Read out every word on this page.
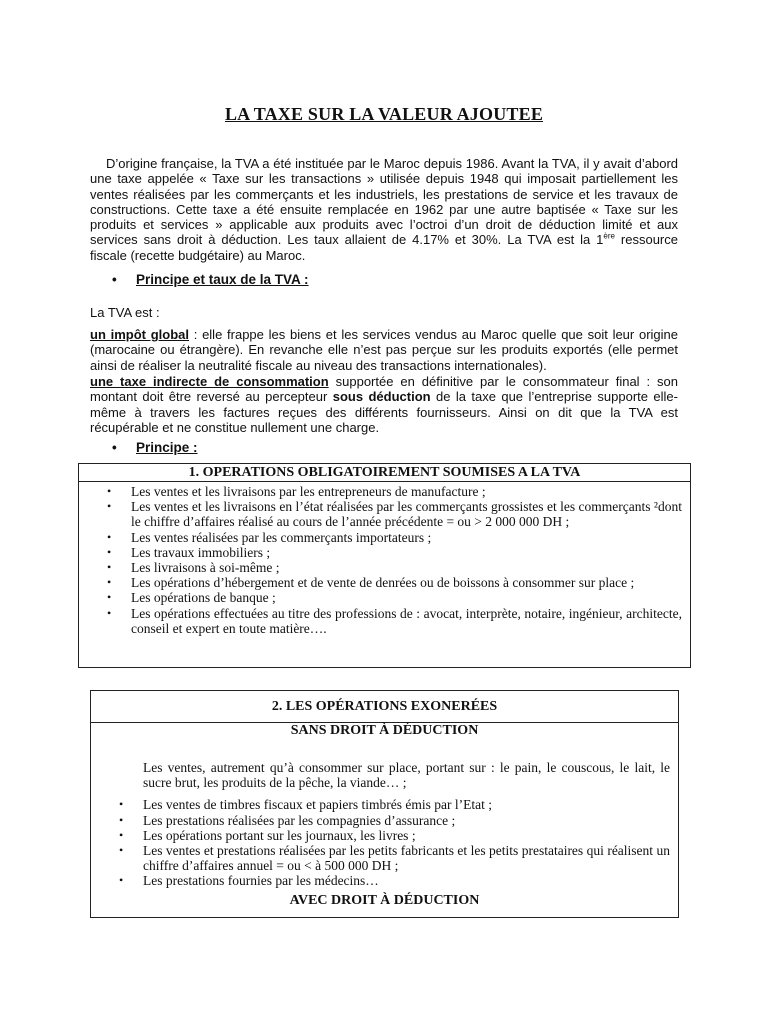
LA TAXE SUR LA VALEUR AJOUTEE

D’origine française, la TVA a été instituée par le Maroc depuis 1986. Avant la TVA, il y avait d’abord une taxe appelée « Taxe sur les transactions » utilisée depuis 1948 qui imposait partiellement les ventes réalisées par les commerçants et les industriels, les prestations de service et les travaux de constructions. Cette taxe a été ensuite remplacée en 1962 par une autre baptisée « Taxe sur les produits et services » applicable aux produits avec l’octroi d’un droit de déduction limité et aux services sans droit à déduction. Les taux allaient de 4.17% et 30%. La TVA est la 1ère ressource fiscale (recette budgétaire) au Maroc.

• Principe et taux de la TVA :

La TVA est :

un impôt global : elle frappe les biens et les services vendus au Maroc quelle que soit leur origine (marocaine ou étrangère). En revanche elle n’est pas perçue sur les produits exportés (elle permet ainsi de réaliser la neutralité fiscale au niveau des transactions internationales).

une taxe indirecte de consommation supportée en définitive par le consommateur final : son montant doit être reversé au percepteur sous déduction de la taxe que l’entreprise supporte elle-même à travers les factures reçues des différents fournisseurs. Ainsi on dit que la TVA est récupérable et ne constitue nullement une charge.

• Principe :
1. OPERATIONS OBLIGATOIREMENT SOUMISES A LA TVA
• Les ventes et les livraisons par les entrepreneurs de manufacture ;
• Les ventes et les livraisons en l’état réalisées par les commerçants grossistes et les commerçants ²dont le chiffre d’affaires réalisé au cours de l’année précédente = ou > 2 000 000 DH ;
• Les ventes réalisées par les commerçants importateurs ;
• Les travaux immobiliers ;
• Les livraisons à soi-même ;
• Les opérations d’hébergement et de vente de denrées ou de boissons à consommer sur place ;
• Les opérations de banque ;
• Les opérations effectuées au titre des professions de : avocat, interprète, notaire, ingénieur, architecte, conseil et expert en toute matière….
2. LES OPÉRATIONS EXONERÉES
SANS DROIT À DÉDUCTION
Les ventes, autrement qu’à consommer sur place, portant sur : le pain, le couscous, le lait, le sucre brut, les produits de la pêche, la viande… ;
• Les ventes de timbres fiscaux et papiers timbrés émis par l’Etat ;
• Les prestations réalisées par les compagnies d’assurance ;
• Les opérations portant sur les journaux, les livres ;
• Les ventes et prestations réalisées par les petits fabricants et les petits prestataires qui réalisent un chiffre d’affaires annuel = ou < à 500 000 DH ;
• Les prestations fournies par les médecins…
AVEC DROIT À DÉDUCTION
